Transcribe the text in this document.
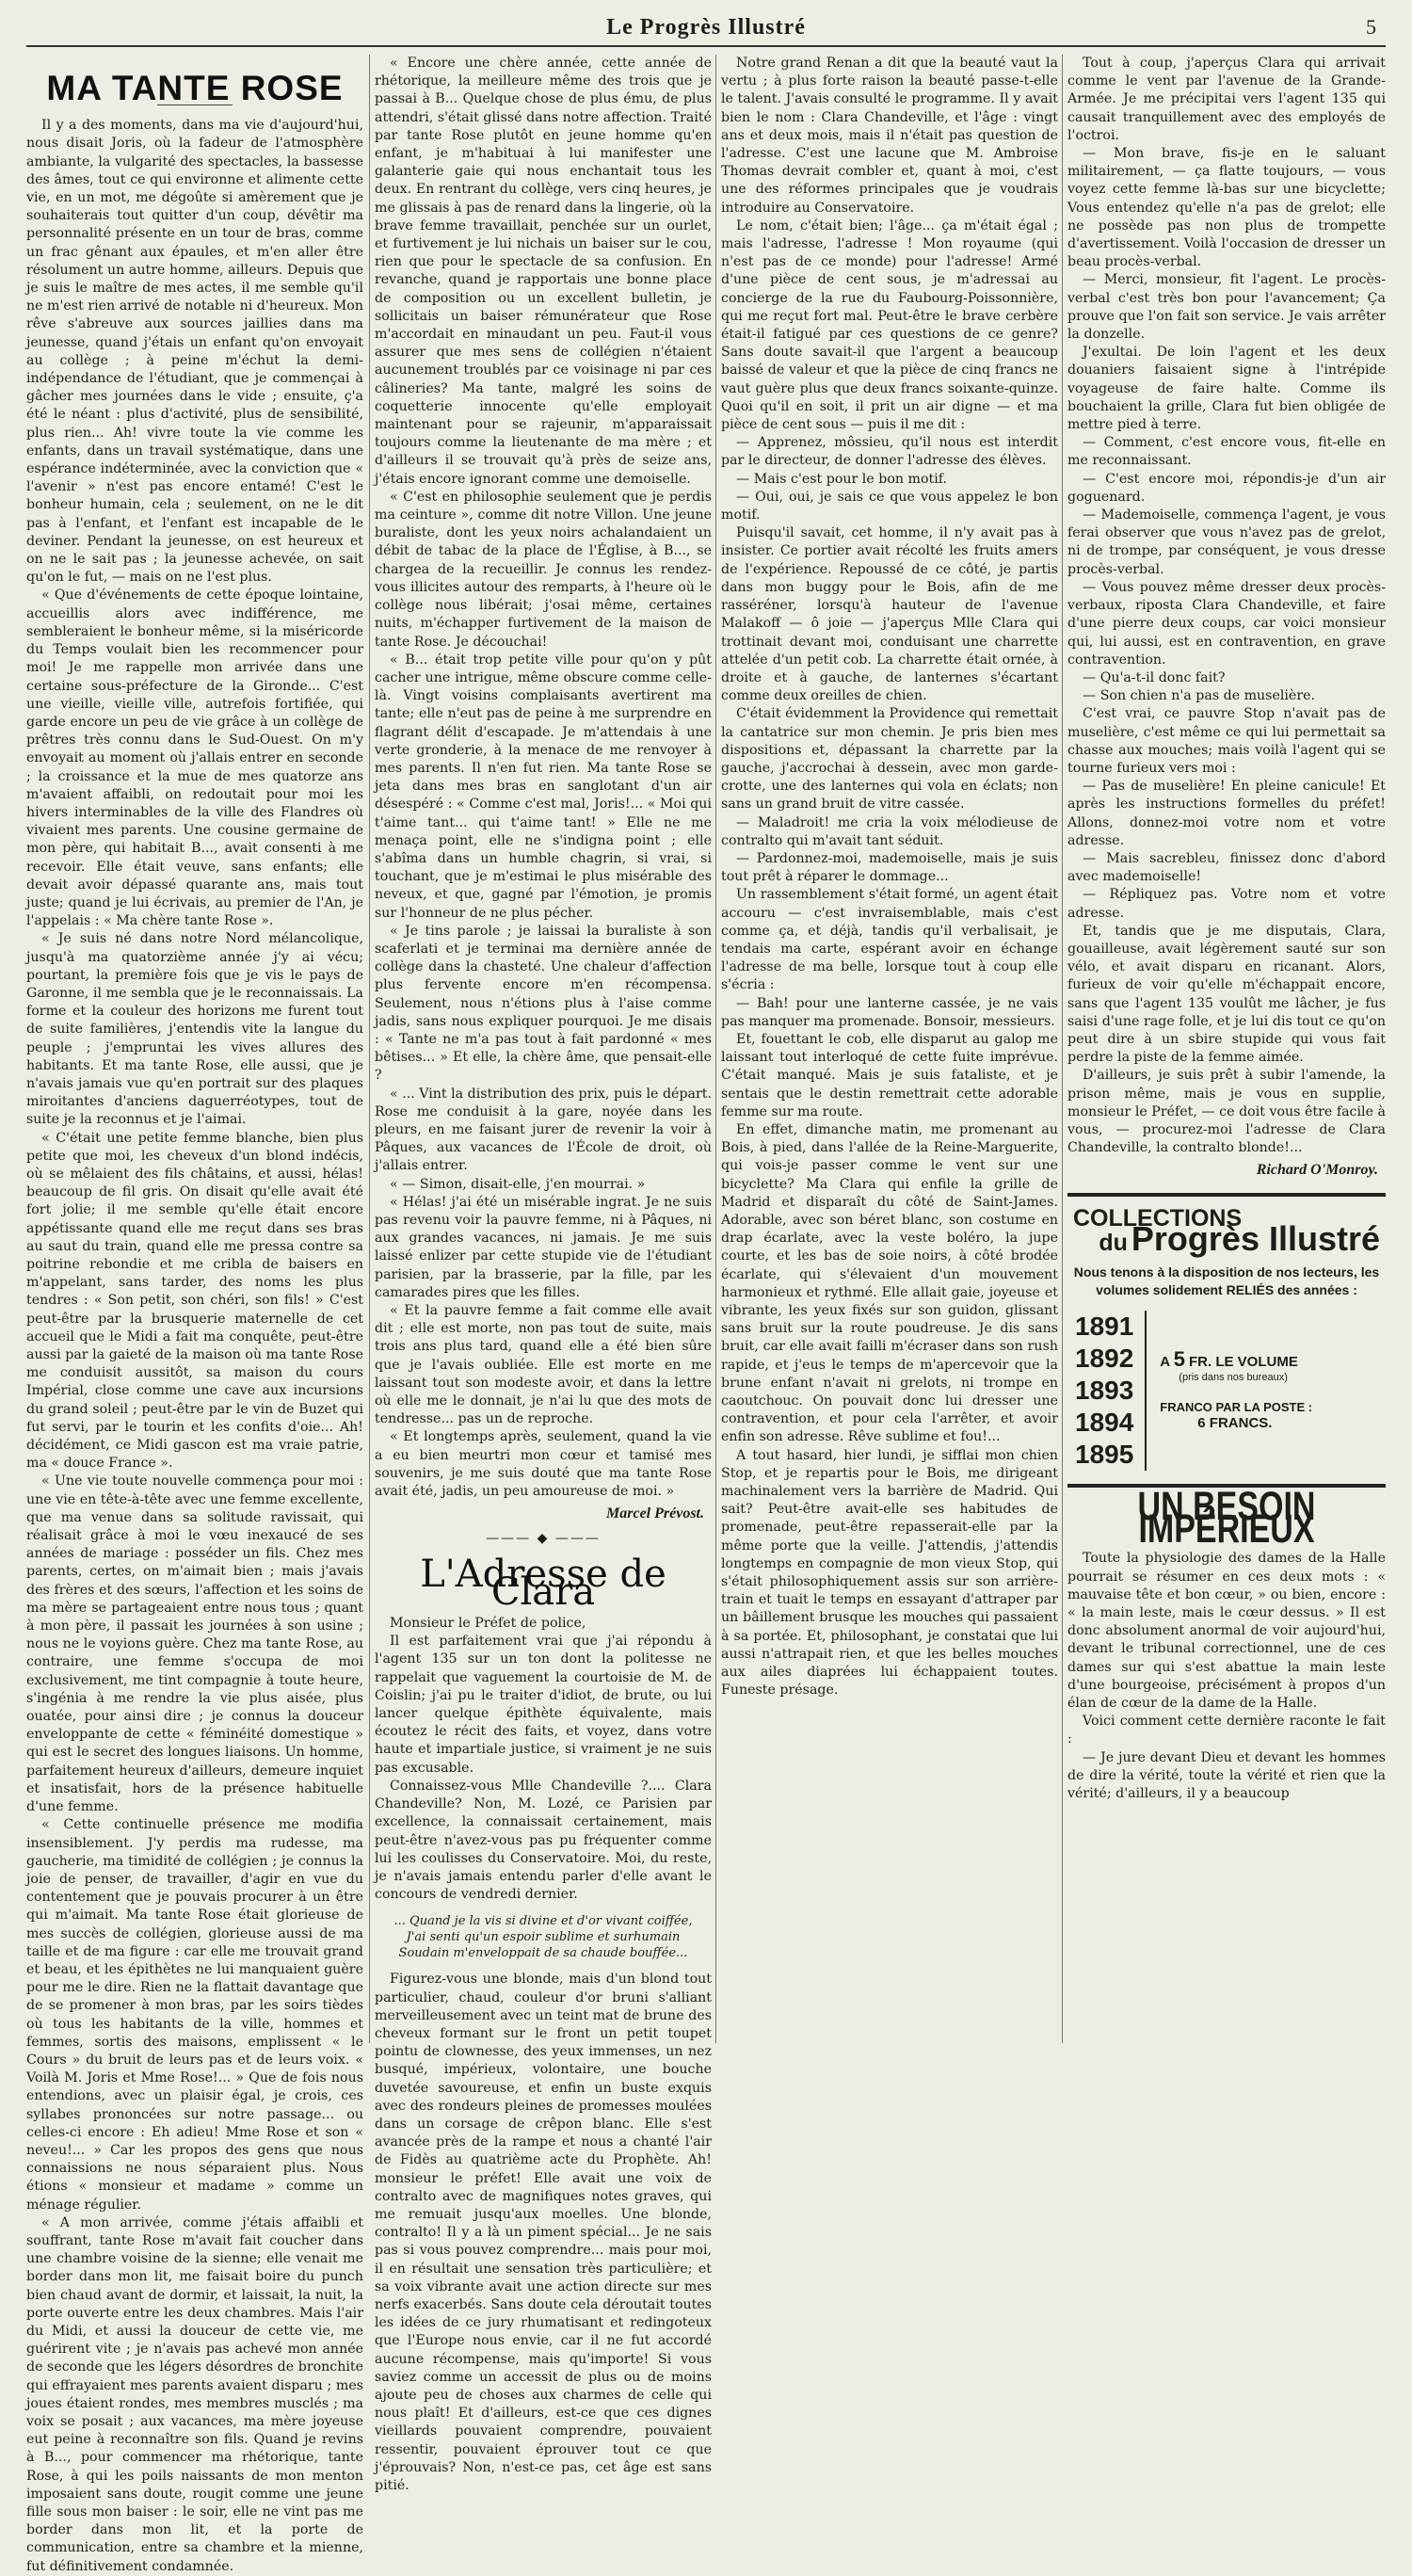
Le Progrès Illustré	5
MA TANTE ROSE

Il y a des moments, dans ma vie d'aujourd'hui, nous disait Joris, où la fadeur de l'atmosphère ambiante, la vulgarité des spectacles, la bassesse des âmes, tout ce qui environne et alimente cette vie, en un mot, me dégoûte si amèrement que je souhaiterais tout quitter d'un coup, dévêtir ma personnalité présente en un tour de bras, comme un frac gênant aux épaules, et m'en aller être résolument un autre homme, ailleurs. Depuis que je suis le maître de mes actes, il me semble qu'il ne m'est rien arrivé de notable ni d'heureux. Mon rêve s'abreuve aux sources jaillies dans ma jeunesse, quand j'étais un enfant qu'on envoyait au collège ; à peine m'échut la demi-indépendance de l'étudiant, que je commençai à gâcher mes journées dans le vide ; ensuite, ç'a été le néant : plus d'activité, plus de sensibilité, plus rien... Ah! vivre toute la vie comme les enfants, dans un travail systématique, dans une espérance indéterminée, avec la conviction que « l'avenir » n'est pas encore entamé! C'est le bonheur humain, cela ; seulement, on ne le dit pas à l'enfant, et l'enfant est incapable de le deviner. Pendant la jeunesse, on est heureux et on ne le sait pas ; la jeunesse achevée, on sait qu'on le fut, — mais on ne l'est plus.

« Que d'événements de cette époque lointaine, accueillis alors avec indifférence, me sembleraient le bonheur même, si la miséricorde du Temps voulait bien les recommencer pour moi! Je me rappelle mon arrivée dans une certaine sous-préfecture de la Gironde... C'est une vieille, vieille ville, autrefois fortifiée, qui garde encore un peu de vie grâce à un collège de prêtres très connu dans le Sud-Ouest. On m'y envoyait au moment où j'allais entrer en seconde ; la croissance et la mue de mes quatorze ans m'avaient affaibli, on redoutait pour moi les hivers interminables de la ville des Flandres où vivaient mes parents. Une cousine germaine de mon père, qui habitait B..., avait consenti à me recevoir. Elle était veuve, sans enfants; elle devait avoir dépassé quarante ans, mais tout juste; quand je lui écrivais, au premier de l'An, je l'appelais : « Ma chère tante Rose ».

« Je suis né dans notre Nord mélancolique, jusqu'à ma quatorzième année j'y ai vécu; pourtant, la première fois que je vis le pays de Garonne, il me sembla que je le reconnaissais. La forme et la couleur des horizons me furent tout de suite familières, j'entendis vite la langue du peuple ; j'empruntai les vives allures des habitants. Et ma tante Rose, elle aussi, que je n'avais jamais vue qu'en portrait sur des plaques miroitantes d'anciens daguerréotypes, tout de suite je la reconnus et je l'aimai.

« C'était une petite femme blanche, bien plus petite que moi, les cheveux d'un blond indécis, où se mêlaient des fils châtains, et aussi, hélas! beaucoup de fil gris. On disait qu'elle avait été fort jolie; il me semble qu'elle était encore appétissante quand elle me reçut dans ses bras au saut du train, quand elle me pressa contre sa poitrine rebondie et me cribla de baisers en m'appelant, sans tarder, des noms les plus tendres : « Son petit, son chéri, son fils! » C'est peut-être par la brusquerie maternelle de cet accueil que le Midi a fait ma conquête, peut-être aussi par la gaieté de la maison où ma tante Rose me conduisit aussitôt, sa maison du cours Impérial, close comme une cave aux incursions du grand soleil ; peut-être par le vin de Buzet qui fut servi, par le tourin et les confits d'oie... Ah! décidément, ce Midi gascon est ma vraie patrie, ma « douce France ».

« Une vie toute nouvelle commença pour moi : une vie en tête-à-tête avec une femme excellente, que ma venue dans sa solitude ravissait, qui réalisait grâce à moi le vœu inexaucé de ses années de mariage : posséder un fils. Chez mes parents, certes, on m'aimait bien ; mais j'avais des frères et des sœurs, l'affection et les soins de ma mère se partageaient entre nous tous ; quant à mon père, il passait les journées à son usine ; nous ne le voyions guère. Chez ma tante Rose, au contraire, une femme s'occupa de moi exclusivement, me tint compagnie à toute heure, s'ingénia à me rendre la vie plus aisée, plus ouatée, pour ainsi dire ; je connus la douceur enveloppante de cette « féminéité domestique » qui est le secret des longues liaisons. Un homme, parfaitement heureux d'ailleurs, demeure inquiet et insatisfait, hors de la présence habituelle d'une femme.

« Cette continuelle présence me modifia insensiblement. J'y perdis ma rudesse, ma gaucherie, ma timidité de collégien ; je connus la joie de penser, de travailler, d'agir en vue du contentement que je pouvais procurer à un être qui m'aimait. Ma tante Rose était glorieuse de mes succès de collégien, glorieuse aussi de ma taille et de ma figure : car elle me trouvait grand et beau, et les épithètes ne lui manquaient guère pour me le dire. Rien ne la flattait davantage que de se promener à mon bras, par les soirs tièdes où tous les habitants de la ville, hommes et femmes, sortis des maisons, emplissent « le Cours » du bruit de leurs pas et de leurs voix. « Voilà M. Joris et Mme Rose!... » Que de fois nous entendions, avec un plaisir égal, je crois, ces syllabes prononcées sur notre passage... ou celles-ci encore : Eh adieu! Mme Rose et son « neveu!... » Car les propos des gens que nous connaissions ne nous séparaient plus. Nous étions « monsieur et madame » comme un ménage régulier.

« A mon arrivée, comme j'étais affaibli et souffrant, tante Rose m'avait fait coucher dans une chambre voisine de la sienne; elle venait me border dans mon lit, me faisait boire du punch bien chaud avant de dormir, et laissait, la nuit, la porte ouverte entre les deux chambres. Mais l'air du Midi, et aussi la douceur de cette vie, me guérirent vite ; je n'avais pas achevé mon année de seconde que les légers désordres de bronchite qui effrayaient mes parents avaient disparu ; mes joues étaient rondes, mes membres musclés ; ma voix se posait ; aux vacances, ma mère joyeuse eut peine à reconnaître son fils. Quand je revins à B..., pour commencer ma rhétorique, tante Rose, à qui les poils naissants de mon menton imposaient sans doute, rougit comme une jeune fille sous mon baiser : le soir, elle ne vint pas me border dans mon lit, et la porte de communication, entre sa chambre et la mienne, fut définitivement condamnée.

« Encore une chère année, cette année de rhétorique, la meilleure même des trois que je passai à B... Quelque chose de plus ému, de plus attendri, s'était glissé dans notre affection. Traité par tante Rose plutôt en jeune homme qu'en enfant, je m'habituai à lui manifester une galanterie gaie qui nous enchantait tous les deux. En rentrant du collège, vers cinq heures, je me glissais à pas de renard dans la lingerie, où la brave femme travaillait, penchée sur un ourlet, et furtivement je lui nichais un baiser sur le cou, rien que pour le spectacle de sa confusion. En revanche, quand je rapportais une bonne place de composition ou un excellent bulletin, je sollicitais un baiser rémunérateur que Rose m'accordait en minaudant un peu. Faut-il vous assurer que mes sens de collégien n'étaient aucunement troublés par ce voisinage ni par ces câlineries? Ma tante, malgré les soins de coquetterie innocente qu'elle employait maintenant pour se rajeunir, m'apparaissait toujours comme la lieutenante de ma mère ; et d'ailleurs il se trouvait qu'à près de seize ans, j'étais encore ignorant comme une demoiselle.

« C'est en philosophie seulement que je perdis ma ceinture », comme dit notre Villon. Une jeune buraliste, dont les yeux noirs achalandaient un débit de tabac de la place de l'Église, à B..., se chargea de la recueillir. Je connus les rendez-vous illicites autour des remparts, à l'heure où le collège nous libérait; j'osai même, certaines nuits, m'échapper furtivement de la maison de tante Rose. Je découchai!

« B... était trop petite ville pour qu'on y pût cacher une intrigue, même obscure comme celle-là. Vingt voisins complaisants avertirent ma tante; elle n'eut pas de peine à me surprendre en flagrant délit d'escapade. Je m'attendais à une verte gronderie, à la menace de me renvoyer à mes parents. Il n'en fut rien. Ma tante Rose se jeta dans mes bras en sanglotant d'un air désespéré : « Comme c'est mal, Joris!... « Moi qui t'aime tant... qui t'aime tant! » Elle ne me menaça point, elle ne s'indigna point ; elle s'abîma dans un humble chagrin, si vrai, si touchant, que je m'estimai le plus misérable des neveux, et que, gagné par l'émotion, je promis sur l'honneur de ne plus pécher.

« Je tins parole ; je laissai la buraliste à son scaferlati et je terminai ma dernière année de collège dans la chasteté. Une chaleur d'affection plus fervente encore m'en récompensa. Seulement, nous n'étions plus à l'aise comme jadis, sans nous expliquer pourquoi. Je me disais : « Tante ne m'a pas tout à fait pardonné « mes bêtises... » Et elle, la chère âme, que pensait-elle ?

« ... Vint la distribution des prix, puis le départ. Rose me conduisit à la gare, noyée dans les pleurs, en me faisant jurer de revenir la voir à Pâques, aux vacances de l'École de droit, où j'allais entrer.

« — Simon, disait-elle, j'en mourrai. »

« Hélas! j'ai été un misérable ingrat. Je ne suis pas revenu voir la pauvre femme, ni à Pâques, ni aux grandes vacances, ni jamais. Je me suis laissé enlizer par cette stupide vie de l'étudiant parisien, par la brasserie, par la fille, par les camarades pires que les filles.

« Et la pauvre femme a fait comme elle avait dit ; elle est morte, non pas tout de suite, mais trois ans plus tard, quand elle a été bien sûre que je l'avais oubliée. Elle est morte en me laissant tout son modeste avoir, et dans la lettre où elle me le donnait, je n'ai lu que des mots de tendresse... pas un de reproche.

« Et longtemps après, seulement, quand la vie a eu bien meurtri mon cœur et tamisé mes souvenirs, je me suis douté que ma tante Rose avait été, jadis, un peu amoureuse de moi. »

Marcel Prévost.
——— ◆ ———
L'Adresse de Clara

Monsieur le Préfet de police,

Il est parfaitement vrai que j'ai répondu à l'agent 135 sur un ton dont la politesse ne rappelait que vaguement la courtoisie de M. de Coislin; j'ai pu le traiter d'idiot, de brute, ou lui lancer quelque épithète équivalente, mais écoutez le récit des faits, et voyez, dans votre haute et impartiale justice, si vraiment je ne suis pas excusable.

Connaissez-vous Mlle Chandeville ?.... Clara Chandeville? Non, M. Lozé, ce Parisien par excellence, la connaissait certainement, mais peut-être n'avez-vous pas pu fréquenter comme lui les coulisses du Conservatoire. Moi, du reste, je n'avais jamais entendu parler d'elle avant le concours de vendredi dernier.

... Quand je la vis si divine et d'or vivant coiffée,
J'ai senti qu'un espoir sublime et surhumain
Soudain m'enveloppait de sa chaude bouffée...

Figurez-vous une blonde, mais d'un blond tout particulier, chaud, couleur d'or bruni s'alliant merveilleusement avec un teint mat de brune des cheveux formant sur le front un petit toupet pointu de clownesse, des yeux immenses, un nez busqué, impérieux, volontaire, une bouche duvetée savoureuse, et enfin un buste exquis avec des rondeurs pleines de promesses moulées dans un corsage de crêpon blanc. Elle s'est avancée près de la rampe et nous a chanté l'air de Fidès au quatrième acte du Prophète. Ah! monsieur le préfet! Elle avait une voix de contralto avec de magnifiques notes graves, qui me remuait jusqu'aux moelles. Une blonde, contralto! Il y a là un piment spécial... Je ne sais pas si vous pouvez comprendre... mais pour moi, il en résultait une sensation très particulière; et sa voix vibrante avait une action directe sur mes nerfs exacerbés. Sans doute cela déroutait toutes les idées de ce jury rhumatisant et redingoteux que l'Europe nous envie, car il ne fut accordé aucune récompense, mais qu'importe! Si vous saviez comme un accessit de plus ou de moins ajoute peu de choses aux charmes de celle qui nous plaît! Et d'ailleurs, est-ce que ces dignes vieillards pouvaient comprendre, pouvaient ressentir, pouvaient éprouver tout ce que j'éprouvais? Non, n'est-ce pas, cet âge est sans pitié.

Notre grand Renan a dit que la beauté vaut la vertu ; à plus forte raison la beauté passe-t-elle le talent. J'avais consulté le programme. Il y avait bien le nom : Clara Chandeville, et l'âge : vingt ans et deux mois, mais il n'était pas question de l'adresse. C'est une lacune que M. Ambroise Thomas devrait combler et, quant à moi, c'est une des réformes principales que je voudrais introduire au Conservatoire.

Le nom, c'était bien; l'âge... ça m'était égal ; mais l'adresse, l'adresse ! Mon royaume (qui n'est pas de ce monde) pour l'adresse! Armé d'une pièce de cent sous, je m'adressai au concierge de la rue du Faubourg-Poissonnière, qui me reçut fort mal. Peut-être le brave cerbère était-il fatigué par ces questions de ce genre? Sans doute savait-il que l'argent a beaucoup baissé de valeur et que la pièce de cinq francs ne vaut guère plus que deux francs soixante-quinze. Quoi qu'il en soit, il prit un air digne — et ma pièce de cent sous — puis il me dit :

— Apprenez, môssieu, qu'il nous est interdit par le directeur, de donner l'adresse des élèves.

— Mais c'est pour le bon motif.

— Oui, oui, je sais ce que vous appelez le bon motif.

Puisqu'il savait, cet homme, il n'y avait pas à insister. Ce portier avait récolté les fruits amers de l'expérience. Repoussé de ce côté, je partis dans mon buggy pour le Bois, afin de me rasséréner, lorsqu'à hauteur de l'avenue Malakoff — ô joie — j'aperçus Mlle Clara qui trottinait devant moi, conduisant une charrette attelée d'un petit cob. La charrette était ornée, à droite et à gauche, de lanternes s'écartant comme deux oreilles de chien.

C'était évidemment la Providence qui remettait la cantatrice sur mon chemin. Je pris bien mes dispositions et, dépassant la charrette par la gauche, j'accrochai à dessein, avec mon garde-crotte, une des lanternes qui vola en éclats; non sans un grand bruit de vitre cassée.

— Maladroit! me cria la voix mélodieuse de contralto qui m'avait tant séduit.

— Pardonnez-moi, mademoiselle, mais je suis tout prêt à réparer le dommage...

Un rassemblement s'était formé, un agent était accouru — c'est invraisemblable, mais c'est comme ça, et déjà, tandis qu'il verbalisait, je tendais ma carte, espérant avoir en échange l'adresse de ma belle, lorsque tout à coup elle s'écria :

— Bah! pour une lanterne cassée, je ne vais pas manquer ma promenade. Bonsoir, messieurs.

Et, fouettant le cob, elle disparut au galop me laissant tout interloqué de cette fuite imprévue. C'était manqué. Mais je suis fataliste, et je sentais que le destin remettrait cette adorable femme sur ma route.

En effet, dimanche matin, me promenant au Bois, à pied, dans l'allée de la Reine-Marguerite, qui vois-je passer comme le vent sur une bicyclette? Ma Clara qui enfile la grille de Madrid et disparaît du côté de Saint-James. Adorable, avec son béret blanc, son costume en drap écarlate, avec la veste boléro, la jupe courte, et les bas de soie noirs, à côté brodée écarlate, qui s'élevaient d'un mouvement harmonieux et rythmé. Elle allait gaie, joyeuse et vibrante, les yeux fixés sur son guidon, glissant sans bruit sur la route poudreuse. Je dis sans bruit, car elle avait failli m'écraser dans son rush rapide, et j'eus le temps de m'apercevoir que la brune enfant n'avait ni grelots, ni trompe en caoutchouc. On pouvait donc lui dresser une contravention, et pour cela l'arrêter, et avoir enfin son adresse. Rêve sublime et fou!...

A tout hasard, hier lundi, je sifflai mon chien Stop, et je repartis pour le Bois, me dirigeant machinalement vers la barrière de Madrid. Qui sait? Peut-être avait-elle ses habitudes de promenade, peut-être repasserait-elle par la même porte que la veille. J'attendis, j'attendis longtemps en compagnie de mon vieux Stop, qui s'était philosophiquement assis sur son arrière-train et tuait le temps en essayant d'attraper par un bâillement brusque les mouches qui passaient à sa portée. Et, philosophant, je constatai que lui aussi n'attrapait rien, et que les belles mouches aux ailes diaprées lui échappaient toutes. Funeste présage.

Tout à coup, j'aperçus Clara qui arrivait comme le vent par l'avenue de la Grande-Armée. Je me précipitai vers l'agent 135 qui causait tranquillement avec des employés de l'octroi.

— Mon brave, fis-je en le saluant militairement, — ça flatte toujours, — vous voyez cette femme là-bas sur une bicyclette; Vous entendez qu'elle n'a pas de grelot; elle ne possède pas non plus de trompette d'avertissement. Voilà l'occasion de dresser un beau procès-verbal.

— Merci, monsieur, fit l'agent. Le procès-verbal c'est très bon pour l'avancement; Ça prouve que l'on fait son service. Je vais arrêter la donzelle.

J'exultai. De loin l'agent et les deux douaniers faisaient signe à l'intrépide voyageuse de faire halte. Comme ils bouchaient la grille, Clara fut bien obligée de mettre pied à terre.

— Comment, c'est encore vous, fit-elle en me reconnaissant.

— C'est encore moi, répondis-je d'un air goguenard.

— Mademoiselle, commença l'agent, je vous ferai observer que vous n'avez pas de grelot, ni de trompe, par conséquent, je vous dresse procès-verbal.

— Vous pouvez même dresser deux procès-verbaux, riposta Clara Chandeville, et faire d'une pierre deux coups, car voici monsieur qui, lui aussi, est en contravention, en grave contravention.

— Qu'a-t-il donc fait?

— Son chien n'a pas de muselière.

C'est vrai, ce pauvre Stop n'avait pas de muselière, c'est même ce qui lui permettait sa chasse aux mouches; mais voilà l'agent qui se tourne furieux vers moi :

— Pas de muselière! En pleine canicule! Et après les instructions formelles du préfet! Allons, donnez-moi votre nom et votre adresse.

— Mais sacrebleu, finissez donc d'abord avec mademoiselle!

— Répliquez pas. Votre nom et votre adresse.

Et, tandis que je me disputais, Clara, gouailleuse, avait légèrement sauté sur son vélo, et avait disparu en ricanant. Alors, furieux de voir qu'elle m'échappait encore, sans que l'agent 135 voulût me lâcher, je fus saisi d'une rage folle, et je lui dis tout ce qu'on peut dire à un sbire stupide qui vous fait perdre la piste de la femme aimée.

D'ailleurs, je suis prêt à subir l'amende, la prison même, mais je vous en supplie, monsieur le Préfet, — ce doit vous être facile à vous, — procurez-moi l'adresse de Clara Chandeville, la contralto blonde!...

Richard O'Monroy.
COLLECTIONS
du Progrès Illustré
Nous tenons à la disposition de nos lecteurs, les volumes solidement RELIÉS des années :
1891
1892
1893
1894
1895
A 5 FR. LE VOLUME
(pris dans nos bureaux)
FRANCO PAR LA POSTE :
6 FRANCS.
UN BESOIN IMPÉRIEUX

Toute la physiologie des dames de la Halle pourrait se résumer en ces deux mots : « mauvaise tête et bon cœur, » ou bien, encore : « la main leste, mais le cœur dessus. » Il est donc absolument anormal de voir aujourd'hui, devant le tribunal correctionnel, une de ces dames sur qui s'est abattue la main leste d'une bourgeoise, précisément à propos d'un élan de cœur de la dame de la Halle.

Voici comment cette dernière raconte le fait :

— Je jure devant Dieu et devant les hommes de dire la vérité, toute la vérité et rien que la vérité; d'ailleurs, il y a beaucoup
